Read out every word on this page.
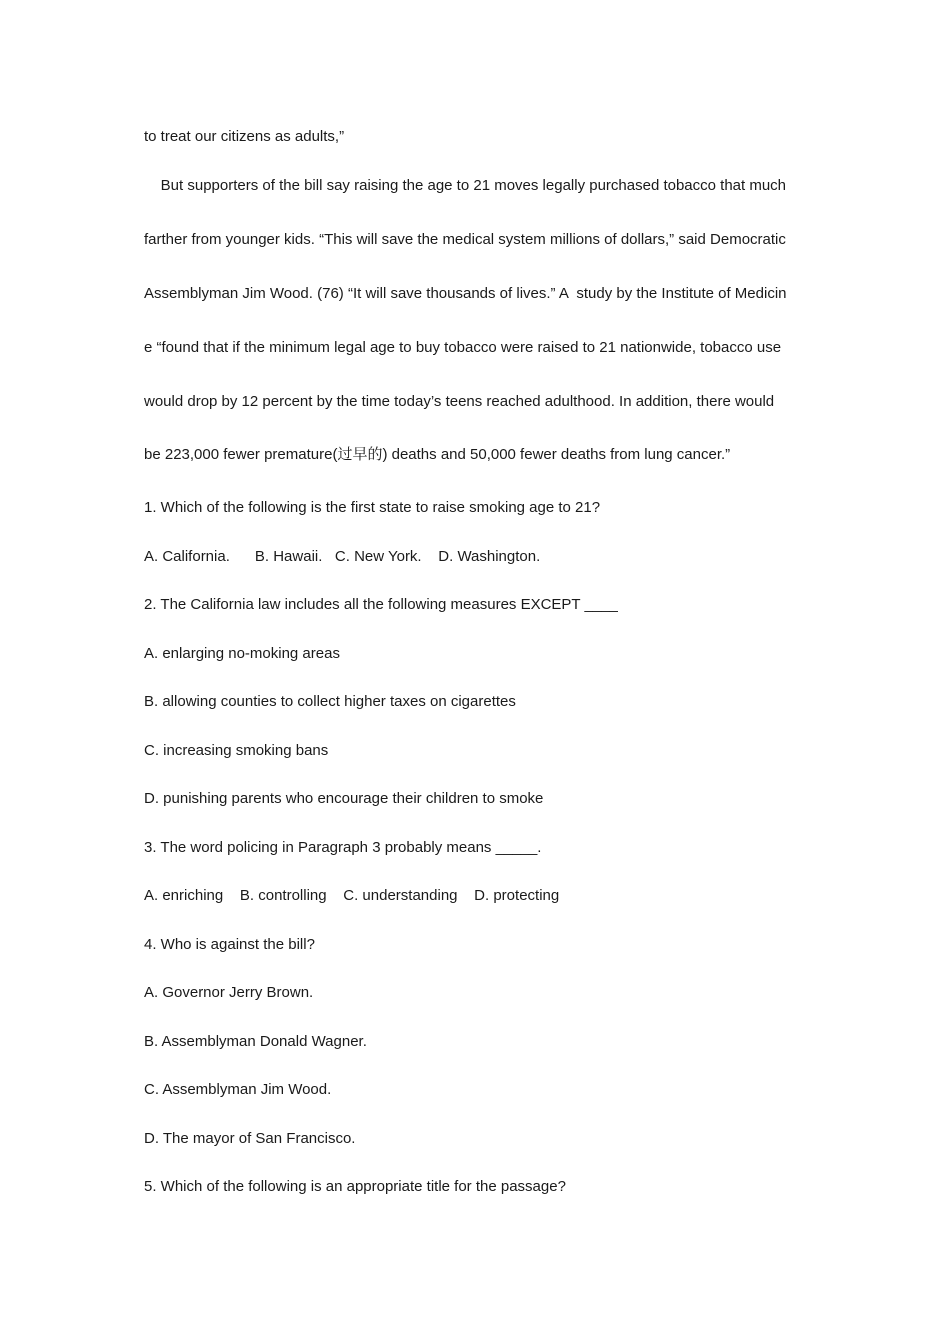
to treat our citizens as adults,”

But supporters of the bill say raising the age to 21 moves legally purchased tobacco that much

farther from younger kids. “This will save the medical system millions of dollars,” said Democratic

Assemblyman Jim Wood. (76) “It will save thousands of lives.” A  study by the Institute of Medicin

e “found that if the minimum legal age to buy tobacco were raised to 21 nationwide, tobacco use

would drop by 12 percent by the time today’s teens reached adulthood. In addition, there would

be 223,000 fewer premature(过早的) deaths and 50,000 fewer deaths from lung cancer.”

1. Which of the following is the first state to raise smoking age to 21?

A. California.      B. Hawaii.   C. New York.    D. Washington.

2. The California law includes all the following measures EXCEPT ____

A. enlarging no-moking areas

B. allowing counties to collect higher taxes on cigarettes

C. increasing smoking bans

D. punishing parents who encourage their children to smoke

3. The word policing in Paragraph 3 probably means _____.

A. enriching    B. controlling    C. understanding    D. protecting

4. Who is against the bill?

A. Governor Jerry Brown.

B. Assemblyman Donald Wagner.

C. Assemblyman Jim Wood.

D. The mayor of San Francisco.

5. Which of the following is an appropriate title for the passage?
